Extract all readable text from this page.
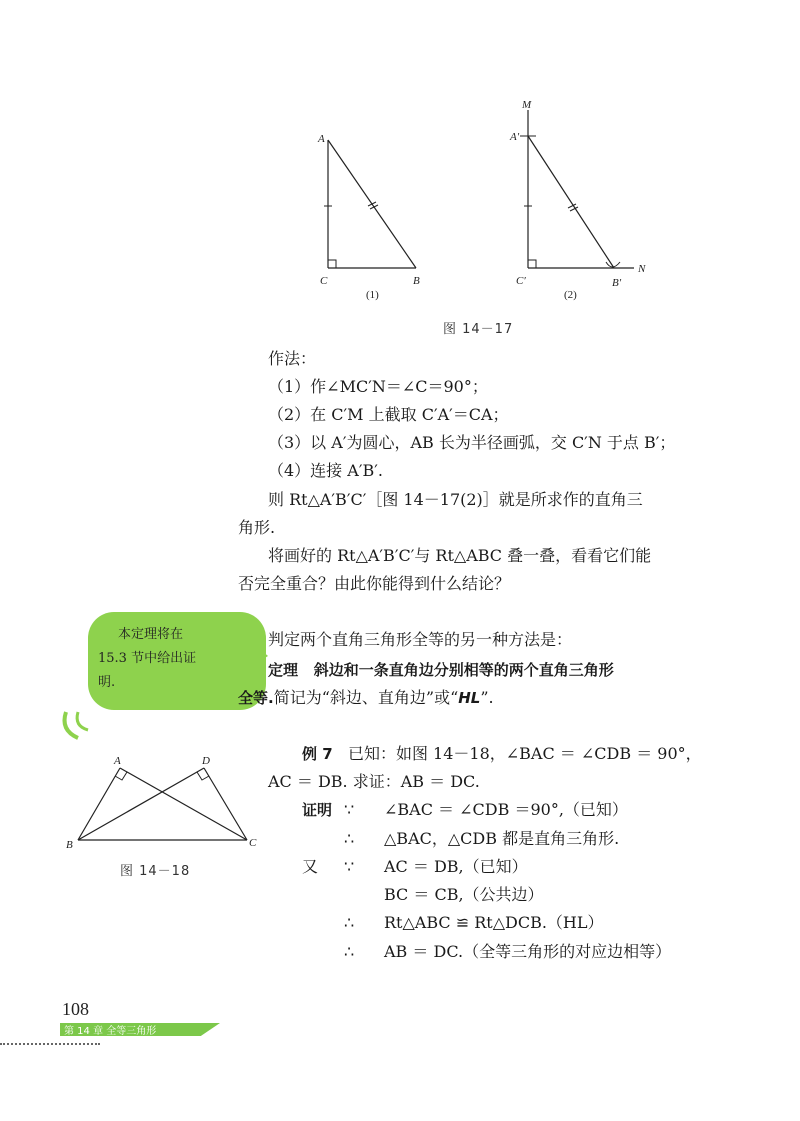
A
C	B
(1)
M
A′
C′	B′
N
(2)
A	D
B	C
图 14－17
作法：
（1）作∠MC′N＝∠C＝90°；
（2）在 C′M 上截取 C′A′＝CA；
（3）以 A′为圆心，AB 长为半径画弧，交 C′N 于点 B′；
（4）连接 A′B′.
则 Rt△A′B′C′［图 14－17(2)］就是所求作的直角三
角形.
将画好的 Rt△A′B′C′与 Rt△ABC 叠一叠，看看它们能
否完全重合？由此你能得到什么结论？
本定理将在
15.3 节中给出证
明.
判定两个直角三角形全等的另一种方法是：
定理 斜边和一条直角边分别相等的两个直角三角形
全等.简记为“斜边、直角边”或“HL”.
例 7 已知：如图 14－18，∠BAC ＝ ∠CDB ＝ 90°，
AC ＝ DB. 求证：AB ＝ DC.
证明 ∵ ∠BAC ＝ ∠CDB ＝90°,（已知）
∴ △BAC，△CDB 都是直角三角形.
又 ∵ AC ＝ DB,（已知）
BC ＝ CB,（公共边）
∴ Rt△ABC ≌ Rt△DCB.（HL）
∴ AB ＝ DC.（全等三角形的对应边相等）
图 14－18
108
第 14 章 全等三角形
